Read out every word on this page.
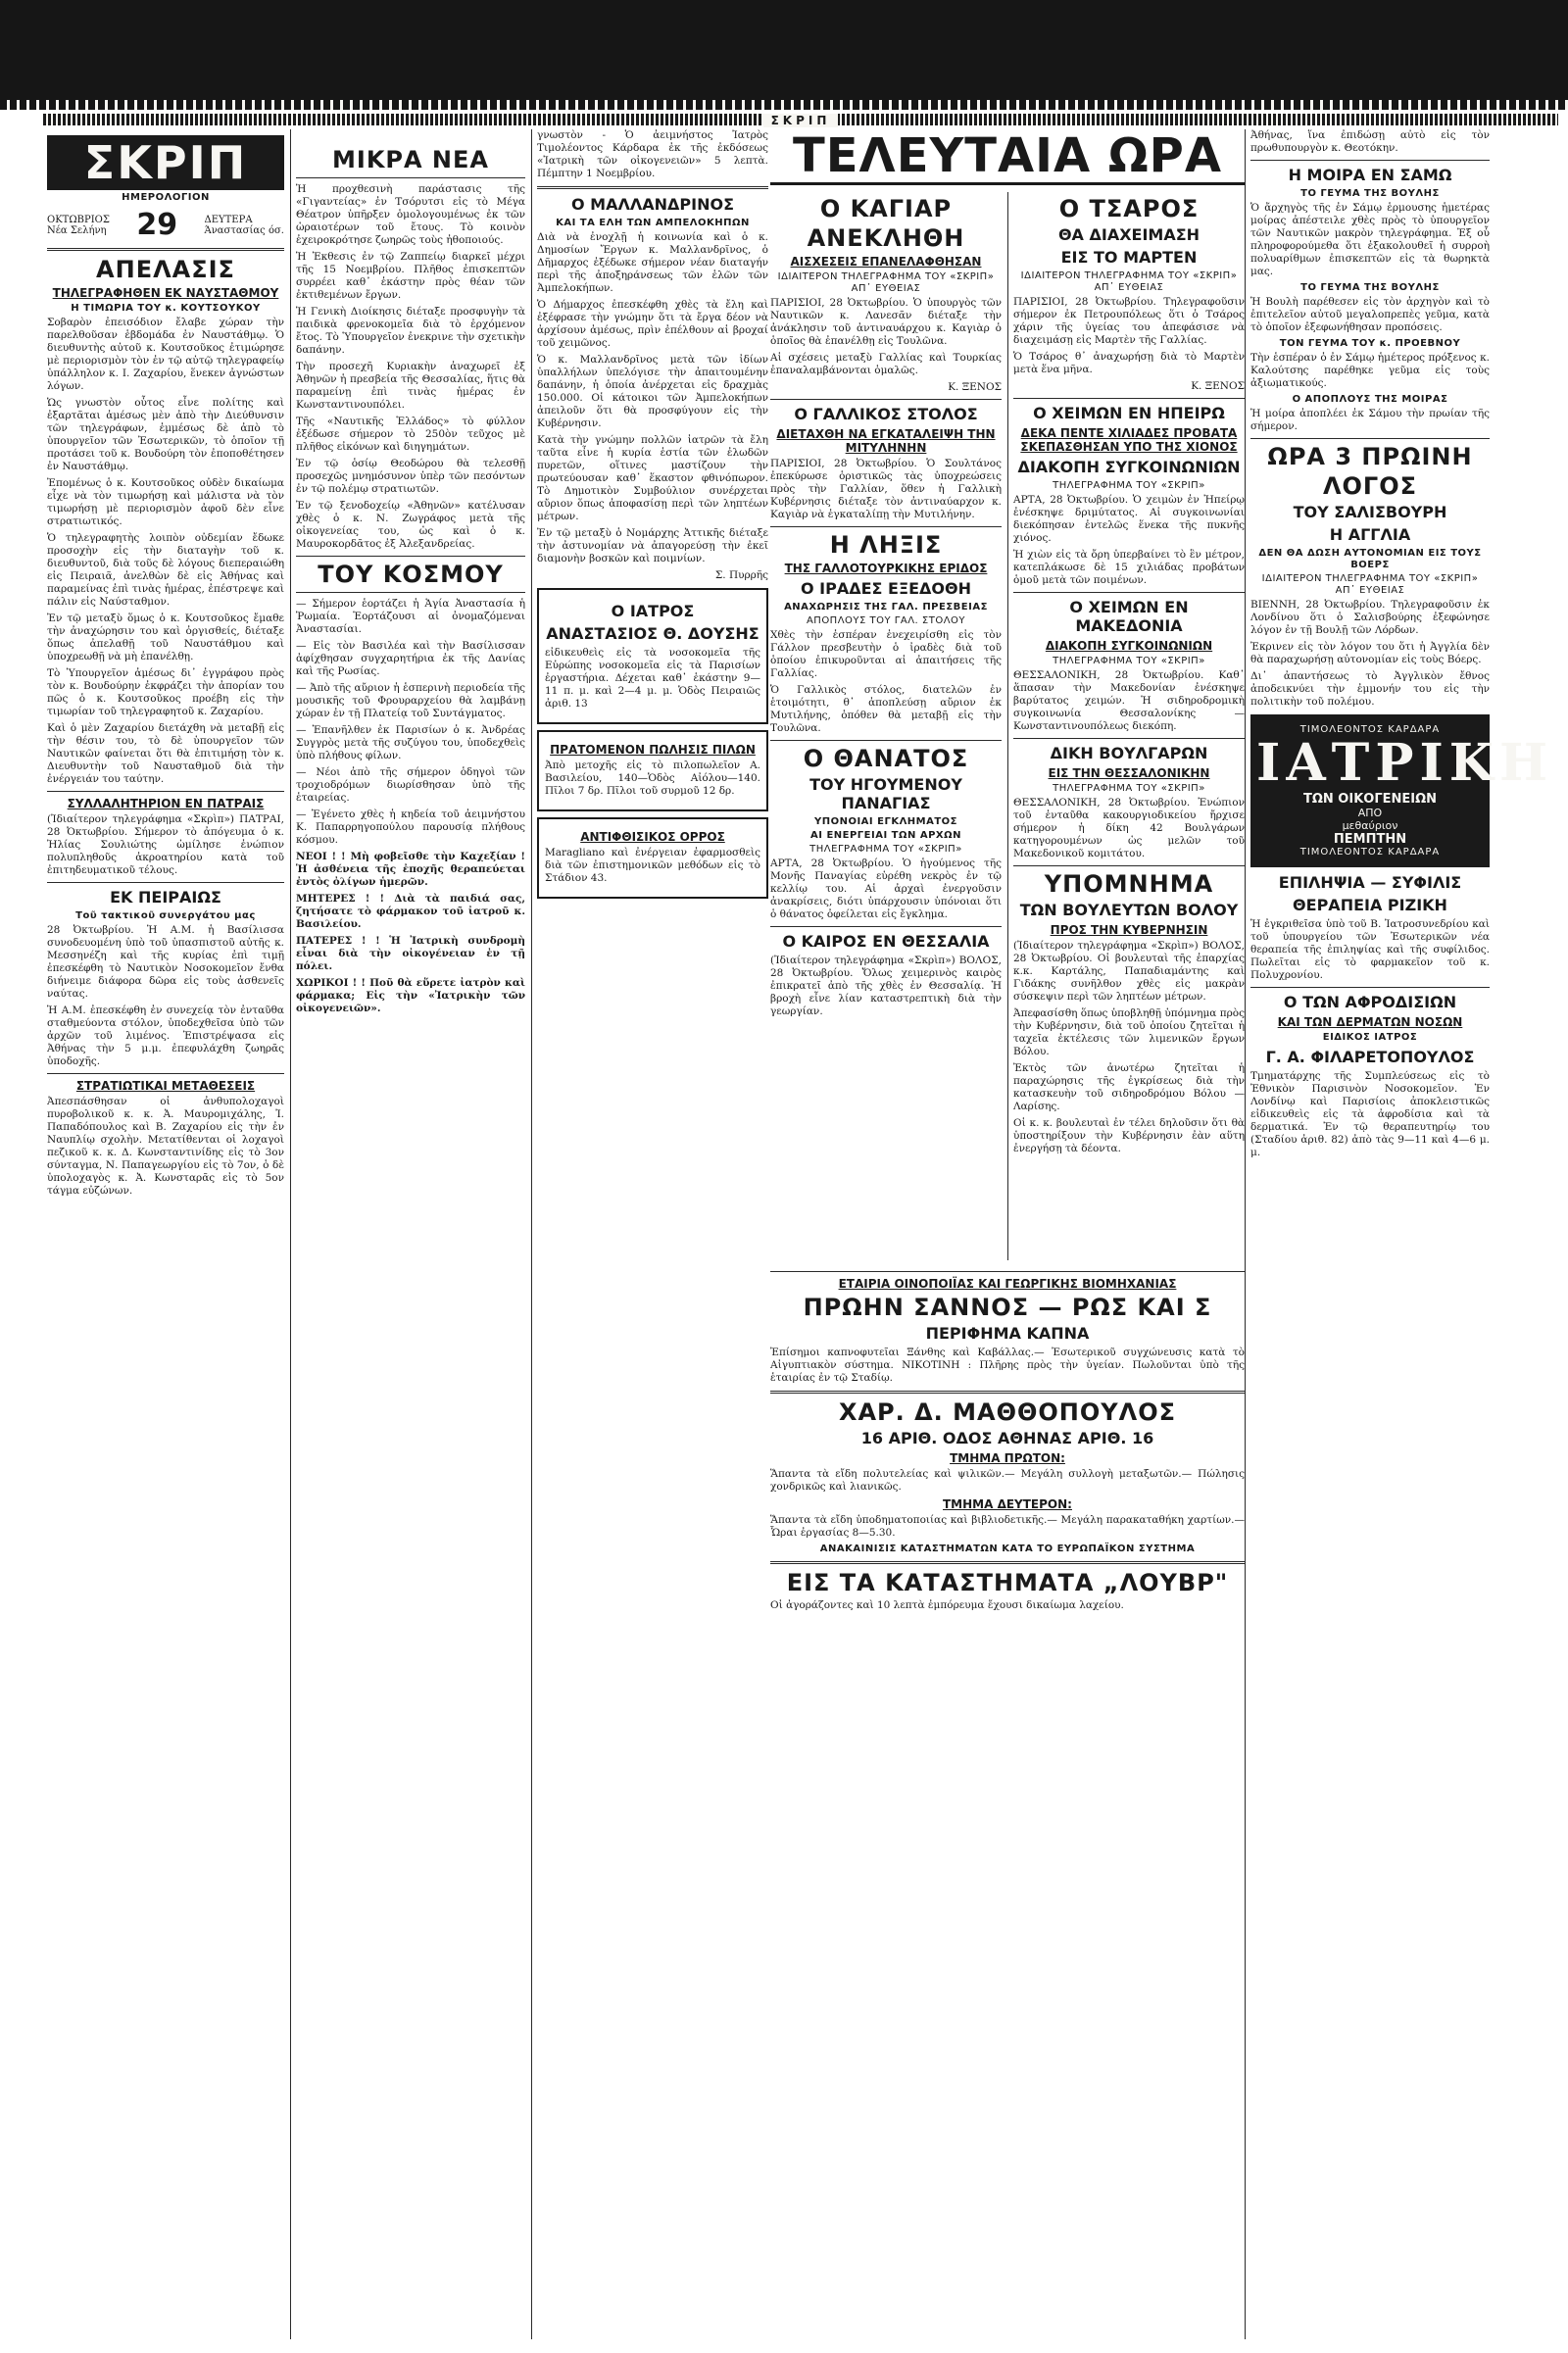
ΣΚΡΙΠ
ΣΚΡΙΠ
ΗΜΕΡΟΛΟΓΙΟΝ
ΟΚΤΩΒΡΙΟΣ
Νέα Σελήνη 29	ΔΕΥΤΕΡΑ
Άναστασίας όσ.
ΑΠΕΛΑΣΙΣ
ΤΗΛΕΓΡΑΦΗΘΕΝ ΕΚ ΝΑΥΣΤΑΘΜΟΥ
Η ΤΙΜΩΡΙΑ ΤΟΥ κ. ΚΟΥΤΣΟΥΚΟΥ

Σοβαρὸν ἐπεισόδιον ἔλαβε χώραν τὴν παρελθοῦσαν ἑβδομάδα ἐν Ναυστάθμῳ. Ὁ διευθυντὴς αὐτοῦ κ. Κουτσοῦκος ἐτιμώρησε μὲ περιορισμὸν τὸν ἐν τῷ αὐτῷ τηλεγραφείῳ ὑπάλληλον κ. Ι. Ζαχαρίου, ἕνεκεν ἀγνώστων λόγων.

Ὡς γνωστὸν οὗτος εἶνε πολίτης καὶ ἐξαρτᾶται ἀμέσως μὲν ἀπὸ τὴν Διεύθυνσιν τῶν τηλεγράφων, ἐμμέσως δὲ ἀπὸ τὸ ὑπουργεῖον τῶν Ἐσωτερικῶν, τὸ ὁποῖον τῇ προτάσει τοῦ κ. Βουδούρη τὸν ἐποποθέτησεν ἐν Ναυστάθμῳ.

Ἐπομένως ὁ κ. Κουτσοῦκος οὐδὲν δικαίωμα εἶχε νὰ τὸν τιμωρήσῃ καὶ μάλιστα νὰ τὸν τιμωρήσῃ μὲ περιορισμὸν ἀφοῦ δὲν εἶνε στρατιωτικός.

Ὁ τηλεγραφητὴς λοιπὸν οὐδεμίαν ἔδωκε προσοχὴν εἰς τὴν διαταγὴν τοῦ κ. διευθυντοῦ, διὰ τοῦς δὲ λόγους διεπεραιώθη εἰς Πειραιᾶ, ἀνελθὼν δὲ εἰς Ἀθήνας καὶ παραμείνας ἐπὶ τινὰς ἡμέρας, ἐπέστρεψε καὶ πάλιν εἰς Ναύσταθμον.

Ἐν τῷ μεταξὺ ὅμως ὁ κ. Κουτσοῦκος ἔμαθε τὴν ἀναχώρησιν του καὶ ὀργισθείς, διέταξε ὅπως ἀπελαθῇ τοῦ Ναυστάθμου καὶ ὑποχρεωθῇ νὰ μὴ ἐπανέλθῃ.

Τὸ Ὑπουργεῖον ἀμέσως δι᾿ ἐγγράφου πρὸς τὸν κ. Βουδούρην ἐκφράζει τὴν ἀπορίαν του πῶς ὁ κ. Κουτσοῦκος προέβη εἰς τὴν τιμωρίαν τοῦ τηλεγραφητοῦ κ. Ζαχαρίου.

Καὶ ὁ μὲν Ζαχαρίου διετάχθη νὰ μεταβῇ εἰς τὴν θέσιν του, τὸ δὲ ὑπουργεῖον τῶν Ναυτικῶν φαίνεται ὅτι θὰ ἐπιτιμήσῃ τὸν κ. Διευθυντὴν τοῦ Ναυσταθμοῦ διὰ τὴν ἐνέργειάν του ταύτην.

ΣΥΛΛΑΛΗΤΗΡΙΟΝ ΕΝ ΠΑΤΡΑΙΣ

(Ἰδιαίτερον τηλεγράφημα «Σκρὶπ») ΠΑΤΡΑΙ, 28 Ὀκτωβρίου. Σήμερον τὸ ἀπόγευμα ὁ κ. Ἠλίας Σουλιώτης ὡμίλησε ἐνώπιον πολυπληθοῦς ἀκροατηρίου κατὰ τοῦ ἐπιτηδευματικοῦ τέλους.

ΕΚ ΠΕΙΡΑΙΩΣ
Τοῦ τακτικοῦ συνεργάτου μας

28 Ὀκτωβρίου. Ἡ Α.Μ. ἡ Βασίλισσα συνοδευομένη ὑπὸ τοῦ ὑπασπιστοῦ αὐτῆς κ. Μεσσηνέζη καὶ τῆς κυρίας ἐπὶ τιμῇ ἐπεσκέφθη τὸ Ναυτικὸν Νοσοκομεῖον ἔνθα διήνειμε διάφορα δῶρα εἰς τοὺς ἀσθενεῖς ναύτας.

Ἡ Α.Μ. ἐπεσκέφθη ἐν συνεχείᾳ τὸν ἐνταῦθα σταθμεύοντα στόλον, ὑποδεχθεῖσα ὑπὸ τῶν ἀρχῶν τοῦ λιμένος. Ἐπιστρέψασα εἰς Ἀθήνας τὴν 5 μ.μ. ἐπεφυλάχθη ζωηρᾶς ὑποδοχῆς.

ΣΤΡΑΤΙΩΤΙΚΑΙ ΜΕΤΑΘΕΣΕΙΣ

Ἀπεσπάσθησαν οἱ ἀνθυπολοχαγοὶ πυροβολικοῦ κ. κ. Ἀ. Μαυρομιχάλης, Ἰ. Παπαδόπουλος καὶ Β. Ζαχαρίου εἰς τὴν ἐν Ναυπλίῳ σχολὴν. Μετατίθενται οἱ λοχαγοὶ πεζικοῦ κ. κ. Δ. Κωνσταντινίδης εἰς τὸ 3ον σύνταγμα, Ν. Παπαγεωργίου εἰς τὸ 7ον, ὁ δὲ ὑπολοχαγὸς κ. Ἀ. Κωνσταρᾶς εἰς τὸ 5ον τάγμα εὐζώνων.

ΜΙΚΡΑ ΝΕΑ

Ἡ προχθεσινὴ παράστασις τῆς «Γιγαντείας» ἐν Τσόρυτσι εἰς τὸ Μέγα Θέατρον ὑπῆρξεν ὁμολογουμένως ἐκ τῶν ὡραιοτέρων τοῦ ἔτους. Τὸ κοινὸν ἐχειροκρότησε ζωηρῶς τοὺς ἠθοποιούς.

Ἡ Ἐκθεσις ἐν τῷ Ζαππείῳ διαρκεῖ μέχρι τῆς 15 Νοεμβρίου. Πλῆθος ἐπισκεπτῶν συρρέει καθ᾿ ἑκάστην πρὸς θέαν τῶν ἐκτιθεμένων ἔργων.

Ἡ Γενικὴ Διοίκησις διέταξε προσφυγὴν τὰ παιδικὰ φρενοκομεῖα διὰ τὸ ἐρχόμενον ἔτος. Τὸ Ὑπουργεῖον ἐνεκρινε τὴν σχετικὴν δαπάνην.

Τὴν προσεχῆ Κυριακὴν ἀναχωρεῖ ἐξ Ἀθηνῶν ἡ πρεσβεία τῆς Θεσσαλίας, ἥτις θὰ παραμείνῃ ἐπὶ τινὰς ἡμέρας ἐν Κωνσταντινουπόλει.

Τῆς «Ναυτικῆς Ἑλλάδος» τὸ φύλλον ἐξέδωσε σήμερον τὸ 250ὸν τεῦχος μὲ πλῆθος εἰκόνων καὶ διηγημάτων.

Ἐν τῷ ὁσίῳ Θεοδώρου θὰ τελεσθῇ προσεχῶς μνημόσυνον ὑπὲρ τῶν πεσόντων ἐν τῷ πολέμῳ στρατιωτῶν.

Ἐν τῷ ξενοδοχείῳ «Ἀθηνῶν» κατέλυσαν χθὲς ὁ κ. Ν. Ζωγράφος μετὰ τῆς οἰκογενείας του, ὡς καὶ ὁ κ. Μαυροκορδᾶτος ἐξ Ἀλεξανδρείας.

ΤΟΥ ΚΟΣΜΟΥ

— Σήμερον ἑορτάζει ἡ Ἁγία Ἀναστασία ἡ Ῥωμαία. Ἑορτάζουσι αἱ ὀνομαζόμεναι Ἀναστασίαι.

— Εἰς τὸν Βασιλέα καὶ τὴν Βασίλισσαν ἀφίχθησαν συγχαρητήρια ἐκ τῆς Δανίας καὶ τῆς Ρωσίας.

— Ἀπὸ τῆς αὔριον ἡ ἑσπερινὴ περιοδεία τῆς μουσικῆς τοῦ Φρουραρχείου θὰ λαμβάνῃ χώραν ἐν τῇ Πλατείᾳ τοῦ Συντάγματος.

— Ἐπανῆλθεν ἐκ Παρισίων ὁ κ. Ἀνδρέας Συγγρὸς μετὰ τῆς συζύγου του, ὑποδεχθεὶς ὑπὸ πλήθους φίλων.

— Νέοι ἀπὸ τῆς σήμερον ὁδηγοὶ τῶν τροχιοδρόμων διωρίσθησαν ὑπὸ τῆς ἑταιρείας.

— Ἐγένετο χθὲς ἡ κηδεία τοῦ ἀειμνήστου Κ. Παπαρρηγοπούλου παρουσίᾳ πλήθους κόσμου.

ΝΕΟΙ ! ! Μὴ φοβεῖσθε τὴν Καχεξίαν ! Ἡ ἀσθένεια τῆς ἐποχῆς θεραπεύεται ἐντὸς ὀλίγων ἡμερῶν.

ΜΗΤΕΡΕΣ ! ! Διὰ τὰ παιδιά σας, ζητήσατε τὸ φάρμακον τοῦ ἰατροῦ κ. Βασιλείου.

ΠΑΤΕΡΕΣ ! ! Ἡ Ἰατρικὴ συνδρομὴ εἶναι διὰ τὴν οἰκογένειαν ἐν τῇ πόλει.

ΧΩΡΙΚΟΙ ! ! Ποῦ θὰ εὕρετε ἰατρὸν καὶ φάρμακα; Εἰς τὴν «Ἰατρικὴν τῶν οἰκογενειῶν».

γνωστὸν - Ὁ ἀειμνήστος Ἰατρὸς Τιμολέοντος Κάρδαρα ἐκ τῆς ἐκδόσεως «Ἰατρικὴ τῶν οἰκογενειῶν» 5 λεπτὰ. Πέμπτην 1 Νοεμβρίου.

Ο ΜΑΛΛΑΝΔΡΙΝΟΣ
ΚΑΙ ΤΑ ΕΛΗ ΤΩΝ ΑΜΠΕΛΟΚΗΠΩΝ

Διὰ νὰ ἐνοχλῇ ἡ κοινωνία καὶ ὁ κ. Δημοσίων Ἔργων κ. Μαλλανδρῖνος, ὁ Δῆμαρχος ἐξέδωκε σήμερον νέαν διαταγήν περὶ τῆς ἀποξηράνσεως τῶν ἑλῶν τῶν Ἀμπελοκήπων.

Ὁ Δήμαρχος ἐπεσκέφθη χθὲς τὰ ἔλη καὶ ἐξέφρασε τὴν γνώμην ὅτι τὰ ἔργα δέον νὰ ἀρχίσουν ἀμέσως, πρὶν ἐπέλθουν αἱ βροχαί τοῦ χειμῶνος.

Ὁ κ. Μαλλανδρῖνος μετὰ τῶν ἰδίων ὑπαλλήλων ὑπελόγισε τὴν ἀπαιτουμένην δαπάνην, ἡ ὁποία ἀνέρχεται εἰς δραχμὰς 150.000. Οἱ κάτοικοι τῶν Ἀμπελοκήπων ἀπειλοῦν ὅτι θὰ προσφύγουν εἰς τὴν Κυβέρνησιν.

Κατὰ τὴν γνώμην πολλῶν ἰατρῶν τὰ ἔλη ταῦτα εἶνε ἡ κυρία ἑστία τῶν ἐλωδῶν πυρετῶν, οἵτινες μαστίζουν τὴν πρωτεύουσαν καθ᾿ ἕκαστον φθινόπωρον. Τὸ Δημοτικὸν Συμβούλιον συνέρχεται αὔριον ὅπως ἀποφασίσῃ περὶ τῶν ληπτέων μέτρων.

Ἐν τῷ μεταξὺ ὁ Νομάρχης Ἀττικῆς διέταξε τὴν ἀστυνομίαν νὰ ἀπαγορεύσῃ τὴν ἐκεῖ διαμονὴν βοσκῶν καὶ ποιμνίων.

Σ. Πυρρῆς

Ο ΙΑΤΡΟΣ
ΑΝΑΣΤΑΣΙΟΣ Θ. ΔΟΥΣΗΣ

εἰδικευθεὶς εἰς τὰ νοσοκομεῖα τῆς Εὐρώπης νοσοκομεῖα εἰς τὰ Παρισίων ἐργαστήρια. Δέχεται καθ᾿ ἑκάστην 9—11 π. μ. καὶ 2—4 μ. μ. Ὁδὸς Πειραιῶς ἀριθ. 13

ΠΡΑΤΟΜΕΝΟΝ ΠΩΛΗΣΙΣ ΠΙΛΩΝ

Ἀπὸ μετοχῆς εἰς τὸ πιλοπωλεῖον Α. Βασιλείου, 140—Ὁδὸς Αἰόλου—140. Πῖλοι 7 δρ. Πῖλοι τοῦ συρμοῦ 12 δρ.

ΑΝΤΙΦΘΙΣΙΚΟΣ ΟΡΡΟΣ

Maragliano καὶ ἐνέργειαν ἐφαρμοσθεὶς διὰ τῶν ἐπιστημονικῶν μεθόδων εἰς τὸ Στάδιον 43.

ΤΕΛΕΥΤΑΙΑ ΩΡΑ
Ο ΚΑΓΙΑΡ
ΑΝΕΚΛΗΘΗ
ΑΙΣΧΕΣΕΙΣ ΕΠΑΝΕΛΑΦΘΗΣΑΝ
ΙΔΙΑΙΤΕΡΟΝ ΤΗΛΕΓΡΑΦΗΜΑ ΤΟΥ «ΣΚΡΙΠ» ΑΠ᾿ ΕΥΘΕΙΑΣ

ΠΑΡΙΣΙΟΙ, 28 Ὀκτωβρίου. Ὁ ὑπουργὸς τῶν Ναυτικῶν κ. Λανεσᾶν διέταξε τὴν ἀνάκλησιν τοῦ ἀντιναυάρχου κ. Καγιὰρ ὁ ὁποῖος θὰ ἐπανέλθῃ εἰς Τουλῶνα.

Αἱ σχέσεις μεταξὺ Γαλλίας καὶ Τουρκίας ἐπαναλαμβάνονται ὁμαλῶς.

Κ. ΞΕΝΟΣ

Ο ΓΑΛΛΙΚΟΣ ΣΤΟΛΟΣ
ΔΙΕΤΑΧΘΗ ΝΑ ΕΓΚΑΤΑΛΕΙΨΗ ΤΗΝ ΜΙΤΥΛΗΝΗΝ

ΠΑΡΙΣΙΟΙ, 28 Ὀκτωβρίου. Ὁ Σουλτάνος ἐπεκύρωσε ὁριστικῶς τὰς ὑποχρεώσεις πρὸς τὴν Γαλλίαν, ὅθεν ἡ Γαλλικὴ Κυβέρνησις διέταξε τὸν ἀντιναύαρχον κ. Καγιὰρ νὰ ἐγκαταλίπῃ τὴν Μυτιλήνην.

Η ΛΗΞΙΣ
ΤΗΣ ΓΑΛΛΟΤΟΥΡΚΙΚΗΣ ΕΡΙΔΟΣ
Ο ΙΡΑΔΕΣ ΕΞΕΔΟΘΗ
ΑΝΑΧΩΡΗΣΙΣ ΤΗΣ ΓΑΛ. ΠΡΕΣΒΕΙΑΣ
ΑΠΟΠΛΟΥΣ ΤΟΥ ΓΑΛ. ΣΤΟΛΟΥ

Χθὲς τὴν ἑσπέραν ἐνεχειρίσθη εἰς τὸν Γάλλον πρεσβευτὴν ὁ ἰραδὲς διὰ τοῦ ὁποίου ἐπικυροῦνται αἱ ἀπαιτήσεις τῆς Γαλλίας.

Ὁ Γαλλικὸς στόλος, διατελῶν ἐν ἑτοιμότητι, θ᾿ ἀποπλεύσῃ αὔριον ἐκ Μυτιλήνης, ὁπόθεν θὰ μεταβῇ εἰς τὴν Τουλῶνα.

Ο ΘΑΝΑΤΟΣ
ΤΟΥ ΗΓΟΥΜΕΝΟΥ ΠΑΝΑΓΙΑΣ
ΥΠΟΝΟΙΑΙ ΕΓΚΛΗΜΑΤΟΣ
ΑΙ ΕΝΕΡΓΕΙΑΙ ΤΩΝ ΑΡΧΩΝ
ΤΗΛΕΓΡΑΦΗΜΑ ΤΟΥ «ΣΚΡΙΠ»

ΑΡΤΑ, 28 Ὀκτωβρίου. Ὁ ἡγούμενος τῆς Μονῆς Παναγίας εὑρέθη νεκρὸς ἐν τῷ κελλίῳ του. Αἱ ἀρχαὶ ἐνεργοῦσιν ἀνακρίσεις, διότι ὑπάρχουσιν ὑπόνοιαι ὅτι ὁ θάνατος ὀφείλεται εἰς ἔγκλημα.

Ο ΚΑΙΡΟΣ ΕΝ ΘΕΣΣΑΛΙΑ

(Ἰδιαίτερον τηλεγράφημα «Σκρὶπ») ΒΟΛΟΣ, 28 Ὀκτωβρίου. Ὄλως χειμερινὸς καιρὸς ἐπικρατεῖ ἀπὸ τῆς χθὲς ἐν Θεσσαλίᾳ. Ἡ βροχὴ εἶνε λίαν καταστρεπτικὴ διὰ τὴν γεωργίαν.

Ο ΤΣΑΡΟΣ
ΘΑ ΔΙΑΧΕΙΜΑΣΗ
ΕΙΣ ΤΟ ΜΑΡΤΕΝ
ΙΔΙΑΙΤΕΡΟΝ ΤΗΛΕΓΡΑΦΗΜΑ ΤΟΥ «ΣΚΡΙΠ» ΑΠ᾿ ΕΥΘΕΙΑΣ

ΠΑΡΙΣΙΟΙ, 28 Ὀκτωβρίου. Τηλεγραφοῦσιν σήμερον ἐκ Πετρουπόλεως ὅτι ὁ Τσάρος χάριν τῆς ὑγείας του ἀπεφάσισε νὰ διαχειμάσῃ εἰς Μαρτὲν τῆς Γαλλίας.

Ὁ Τσάρος θ᾿ ἀναχωρήσῃ διὰ τὸ Μαρτὲν μετὰ ἕνα μῆνα.

Κ. ΞΕΝΟΣ

Ο ΧΕΙΜΩΝ ΕΝ ΗΠΕΙΡΩ
ΔΕΚΑ ΠΕΝΤΕ ΧΙΛΙΑΔΕΣ ΠΡΟΒΑΤΑ ΣΚΕΠΑΣΘΗΣΑΝ ΥΠΟ ΤΗΣ ΧΙΟΝΟΣ
ΔΙΑΚΟΠΗ ΣΥΓΚΟΙΝΩΝΙΩΝ
ΤΗΛΕΓΡΑΦΗΜΑ ΤΟΥ «ΣΚΡΙΠ»

ΑΡΤΑ, 28 Ὀκτωβρίου. Ὁ χειμὼν ἐν Ἠπείρῳ ἐνέσκηψε δριμύτατος. Αἱ συγκοινωνίαι διεκόπησαν ἐντελῶς ἕνεκα τῆς πυκνῆς χιόνος.

Ἡ χιὼν εἰς τὰ ὄρη ὑπερβαίνει τὸ ἓν μέτρον, κατεπλάκωσε δὲ 15 χιλιάδας προβάτων ὁμοῦ μετὰ τῶν ποιμένων.

Ο ΧΕΙΜΩΝ ΕΝ ΜΑΚΕΔΟΝΙΑ
ΔΙΑΚΟΠΗ ΣΥΓΚΟΙΝΩΝΙΩΝ
ΤΗΛΕΓΡΑΦΗΜΑ ΤΟΥ «ΣΚΡΙΠ»

ΘΕΣΣΑΛΟΝΙΚΗ, 28 Ὀκτωβρίου. Καθ᾿ ἅπασαν τὴν Μακεδονίαν ἐνέσκηψε βαρύτατος χειμών. Ἡ σιδηροδρομικὴ συγκοινωνία Θεσσαλονίκης — Κωνσταντινουπόλεως διεκόπη.

ΔΙΚΗ ΒΟΥΛΓΑΡΩΝ
ΕΙΣ ΤΗΝ ΘΕΣΣΑΛΟΝΙΚΗΝ
ΤΗΛΕΓΡΑΦΗΜΑ ΤΟΥ «ΣΚΡΙΠ»

ΘΕΣΣΑΛΟΝΙΚΗ, 28 Ὀκτωβρίου. Ἐνώπιον τοῦ ἐνταῦθα κακουργιοδικείου ἤρχισε σήμερον ἡ δίκη 42 Βουλγάρων κατηγορουμένων ὡς μελῶν τοῦ Μακεδονικοῦ κομιτάτου.

ΥΠΟΜΝΗΜΑ
ΤΩΝ ΒΟΥΛΕΥΤΩΝ ΒΟΛΟΥ
ΠΡΟΣ ΤΗΝ ΚΥΒΕΡΝΗΣΙΝ

(Ἰδιαίτερον τηλεγράφημα «Σκρὶπ») ΒΟΛΟΣ, 28 Ὀκτωβρίου. Οἱ βουλευταὶ τῆς ἐπαρχίας κ.κ. Καρτάλης, Παπαδιαμάντης καὶ Γιδάκης συνῆλθον χθὲς εἰς μακρὰν σύσκεψιν περὶ τῶν ληπτέων μέτρων.

Ἀπεφασίσθη ὅπως ὑποβληθῇ ὑπόμνημα πρὸς τὴν Κυβέρνησιν, διὰ τοῦ ὁποίου ζητεῖται ἡ ταχεῖα ἐκτέλεσις τῶν λιμενικῶν ἔργων Βόλου.

Ἐκτὸς τῶν ἀνωτέρω ζητεῖται ἡ παραχώρησις τῆς ἐγκρίσεως διὰ τὴν κατασκευὴν τοῦ σιδηροδρόμου Βόλου — Λαρίσης.

Οἱ κ. κ. βουλευταὶ ἐν τέλει δηλοῦσιν ὅτι θὰ ὑποστηρίξουν τὴν Κυβέρνησιν ἐὰν αὕτη ἐνεργήσῃ τὰ δέοντα.

ΕΤΑΙΡΙΑ ΟΙΝΟΠΟΙΪΑΣ ΚΑΙ ΓΕΩΡΓΙΚΗΣ ΒΙΟΜΗΧΑΝΙΑΣ
ΠΡΩΗΝ ΣΑΝΝΟΣ — ΡΩΣ ΚΑΙ Σ
ΠΕΡΙΦΗΜΑ ΚΑΠΝΑ

Ἐπίσημοι καπνοφυτεῖαι Ξάνθης καὶ Καβάλλας.— Ἐσωτερικοῦ συγχώνευσις κατὰ τὸ Αἰγυπτιακὸν σύστημα. ΝΙΚΟΤΙΝΗ : Πλῆρης πρὸς τὴν ὑγείαν. Πωλοῦνται ὑπὸ τῆς ἑταιρίας ἐν τῷ Σταδίῳ.

ΧΑΡ. Δ. ΜΑΘΘΟΠΟΥΛΟΣ
16 ΑΡΙΘ. ΟΔΟΣ ΑΘΗΝΑΣ ΑΡΙΘ. 16
ΤΜΗΜΑ ΠΡΩΤΟΝ:

Ἅπαντα τὰ εἴδη πολυτελείας καὶ ψιλικῶν.— Μεγάλη συλλογὴ μεταξωτῶν.— Πώλησις χονδρικῶς καὶ λιανικῶς.

ΤΜΗΜΑ ΔΕΥΤΕΡΟΝ:

Ἅπαντα τὰ εἴδη ὑποδηματοποιίας καὶ βιβλιοδετικῆς.— Μεγάλη παρακαταθήκη χαρτίων.— Ὧραι ἐργασίας 8—5.30.

ΑΝΑΚΑΙΝΙΣΙΣ ΚΑΤΑΣΤΗΜΑΤΩΝ ΚΑΤΑ ΤΟ ΕΥΡΩΠΑΪΚΟΝ ΣΥΣΤΗΜΑ
ΕΙΣ ΤΑ ΚΑΤΑΣΤΗΜΑΤΑ „ΛΟΥΒΡ"

Οἱ ἀγοράζοντες καὶ 10 λεπτὰ ἐμπόρευμα ἔχουσι δικαίωμα λαχείου.

Ἀθήνας, ἵνα ἐπιδώσῃ αὐτὸ εἰς τὸν πρωθυπουργὸν κ. Θεοτόκην.

Η ΜΟΙΡΑ ΕΝ ΣΑΜΩ
ΤΟ ΓΕΥΜΑ ΤΗΣ ΒΟΥΛΗΣ

Ὁ ἄρχηγὸς τῆς ἐν Σάμῳ ἑρμουσης ἡμετέρας μοίρας ἀπέστειλε χθὲς πρὸς τὸ ὑπουργεῖον τῶν Ναυτικῶν μακρὸν τηλεγράφημα. Ἐξ οὗ πληροφορούμεθα ὅτι ἐξακολουθεῖ ἡ συρροὴ πολυαρίθμων ἐπισκεπτῶν εἰς τὰ θωρηκτὰ μας.

ΤΟ ΓΕΥΜΑ ΤΗΣ ΒΟΥΛΗΣ

Ἡ Βουλὴ παρέθεσεν εἰς τὸν ἀρχηγὸν καὶ τὸ ἐπιτελεῖον αὐτοῦ μεγαλοπρεπὲς γεῦμα, κατὰ τὸ ὁποῖον ἐξεφωνήθησαν προπόσεις.

ΤΟΝ ΓΕΥΜΑ ΤΟΥ κ. ΠΡΟΕΒΝΟΥ

Τὴν ἑσπέραν ὁ ἐν Σάμῳ ἡμέτερος πρόξενος κ. Καλούτσης παρέθηκε γεῦμα εἰς τοὺς ἀξιωματικούς.

Ο ΑΠΟΠΛΟΥΣ ΤΗΣ ΜΟΙΡΑΣ

Ἡ μοίρα ἀποπλέει ἐκ Σάμου τὴν πρωίαν τῆς σήμερον.

ΩΡΑ 3 ΠΡΩΙΝΗ
ΛΟΓΟΣ
ΤΟΥ ΣΑΛΙΣΒΟΥΡΗ
Η ΑΓΓΛΙΑ
ΔΕΝ ΘΑ ΔΩΣΗ ΑΥΤΟΝΟΜΙΑΝ ΕΙΣ ΤΟΥΣ ΒΟΕΡΣ
ΙΔΙΑΙΤΕΡΟΝ ΤΗΛΕΓΡΑΦΗΜΑ ΤΟΥ «ΣΚΡΙΠ» ΑΠ᾿ ΕΥΘΕΙΑΣ

ΒΙΕΝΝΗ, 28 Ὀκτωβρίου. Τηλεγραφοῦσιν ἐκ Λονδίνου ὅτι ὁ Σαλισβούρης ἐξεφώνησε λόγον ἐν τῇ Βουλῇ τῶν Λόρδων.

Ἐκρινεν εἰς τὸν λόγον του ὅτι ἡ Ἀγγλία δὲν θὰ παραχωρήσῃ αὐτονομίαν εἰς τοὺς Βόερς.

Δι᾿ ἀπαντήσεως τὸ Ἀγγλικὸν ἔθνος ἀποδεικνύει τὴν ἐμμονήν του εἰς τὴν πολιτικὴν τοῦ πολέμου.

ΤΙΜΟΛΕΟΝΤΟΣ ΚΑΡΔΑΡΑ
ΙΑΤΡΙΚΗ
ΤΩΝ ΟΙΚΟΓΕΝΕΙΩΝ
ΑΠΟ
μεθαύριον
ΠΕΜΠΤΗΝ
ΤΙΜΟΛΕΟΝΤΟΣ ΚΑΡΔΑΡΑ
ΕΠΙΛΗΨΙΑ — ΣΥΦΙΛΙΣ
ΘΕΡΑΠΕΙΑ ΡΙΖΙΚΗ

Ἡ ἐγκριθεῖσα ὑπὸ τοῦ Β. Ἰατροσυνεδρίου καὶ τοῦ ὑπουργείου τῶν Ἐσωτερικῶν νέα θεραπεία τῆς ἐπιληψίας καὶ τῆς συφίλιδος. Πωλεῖται εἰς τὸ φαρμακεῖον τοῦ κ. Πολυχρονίου.

Ο ΤΩΝ ΑΦΡΟΔΙΣΙΩΝ
ΚΑΙ ΤΩΝ ΔΕΡΜΑΤΩΝ ΝΟΣΩΝ
ΕΙΔΙΚΟΣ ΙΑΤΡΟΣ
Γ. Α. ΦΙΛΑΡΕΤΟΠΟΥΛΟΣ

Τμηματάρχης τῆς Συμπλεύσεως εἰς τὸ Ἐθνικὸν Παρισινὸν Νοσοκομεῖον. Ἐν Λονδίνῳ καὶ Παρισίοις ἀποκλειστικῶς εἰδικευθεὶς εἰς τὰ ἀφροδίσια καὶ τὰ δερματικά. Ἐν τῷ θεραπευτηρίῳ του (Σταδίου ἀριθ. 82) ἀπὸ τὰς 9—11 καὶ 4—6 μ. μ.
